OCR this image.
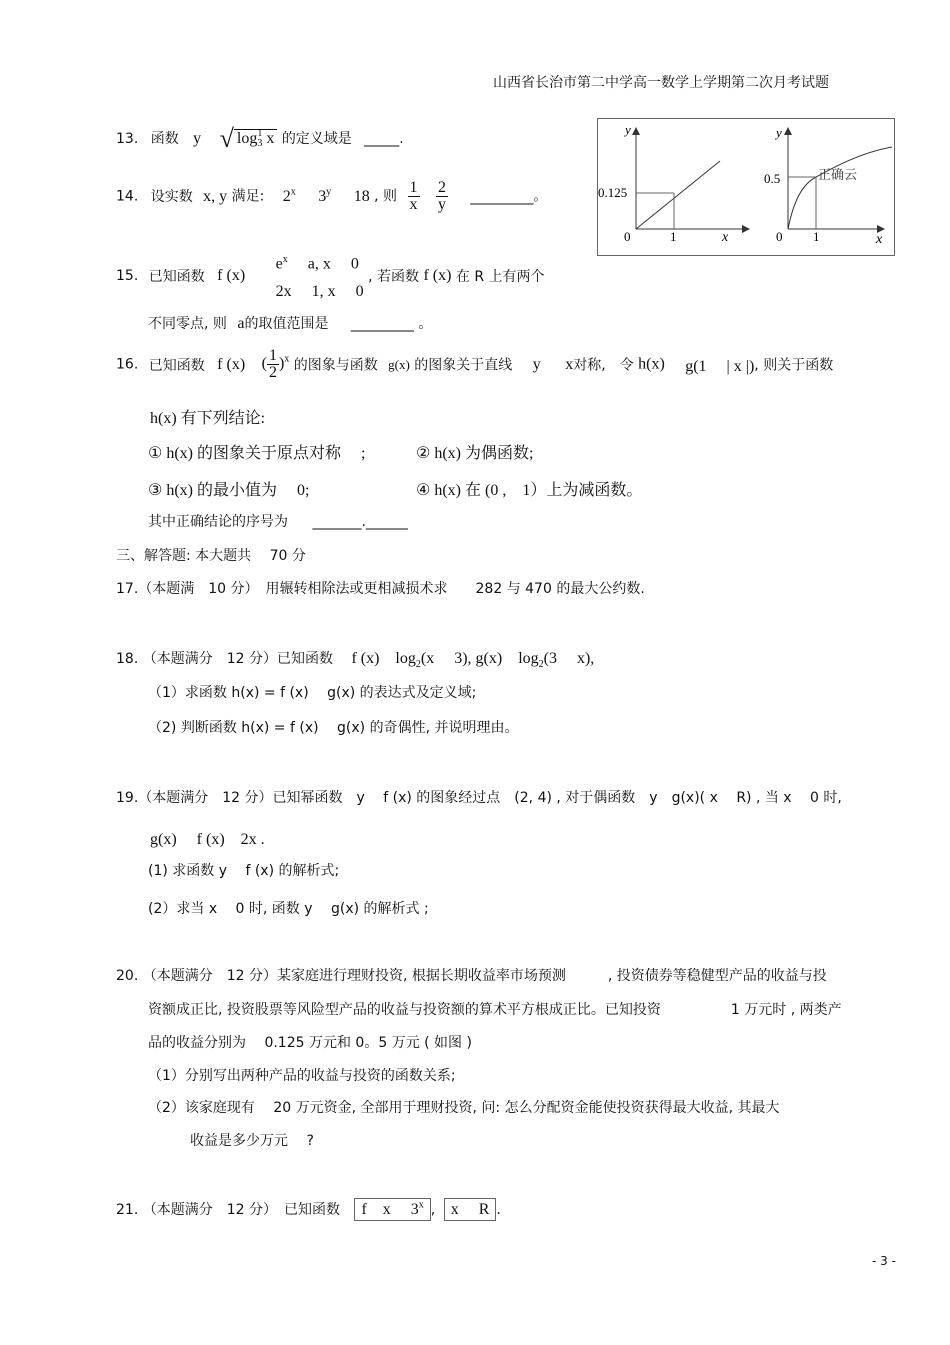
山西省长治市第二中学高一数学上学期第二次月考试题
y
x
0.125
1
0
y
x
0.5
1
0
正确云
13. 函数 y √ log 1
3 x 的定义域是 _____.
14. 设实数 x, y 满足: 2$^x$ 3$^y$ 18 , 则 $\frac{1}{x}$
$\frac{2}{y}$ _________。
15. 已知函数 f (x)
$e^x$　 a, x　 0
2x　 1, x　 0
, 若函数 f (x) 在 R 上有两个
不同零点, 则 a的取值范围是 _________ 。
16. 已知函数 f (x) ( $\frac{1}{2} )^x$ 的图象与函数 g(x) 的图象关于直线 y x对称,　令 h(x) g(1　 | x |), 则关于函数
h(x) 有下列结论:
① h(x) 的图象关于原点对称　 ;	② h(x) 为偶函数;
③ h(x) 的最小值为　 0;	④ h(x) 在 (0 ,　1）上为减函数。
其中正确结论的序号为 _______.______
三、解答题: 本大题共　 70 分
17.（本题满　10 分）　用辗转相除法或更相减损术求　　282 与 470 的最大公约数.
18. （本题满分　12 分）已知函数 f (x)　$\log_2(x$　 3), g(x)　$\log_2(3$　 x),
（1）求函数 h(x) = f (x)　 g(x) 的表达式及定义域;
（2) 判断函数 h(x) = f (x)　 g(x) 的奇偶性, 并说明理由。
19.（本题满分　12 分）已知幂函数　y　 f (x) 的图象经过点　(2, 4) , 对于偶函数　y　g(x)( x　 R) , 当 x　 0 时,
g(x)　 f (x)　2x .
(1) 求函数 y　 f (x) 的解析式;
(2）求当 x　 0 时, 函数 y　 g(x) 的解析式 ;
20. （本题满分　12 分）某家庭进行理财投资, 根据长期收益率市场预测　　　, 投资债券等稳健型产品的收益与投
资额成正比, 投资股票等风险型产品的收益与投资额的算术平方根成正比。已知投资　　　　　1 万元时 , 两类产
品的收益分别为　 0.125 万元和 0。5 万元 ( 如图 )
（1）分别写出两种产品的收益与投资的函数关系;
（2）该家庭现有　 20 万元资金, 全部用于理财投资, 问: 怎么分配资金能使投资获得最大收益, 其最大
收益是多少万元　 ?
21. （本题满分　12 分）　已知函数 f　x　 3$^x$ , x　 R .
- 3 -
